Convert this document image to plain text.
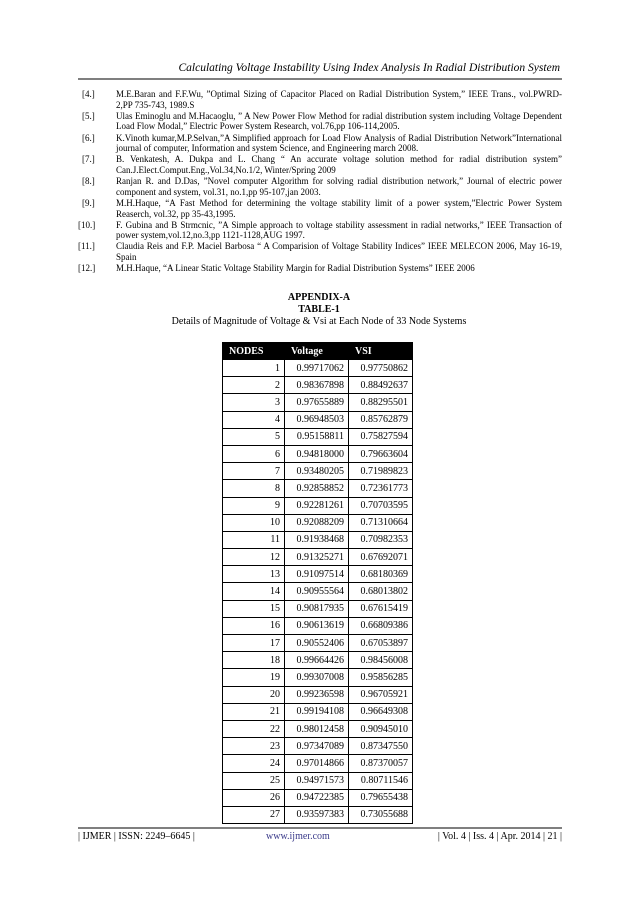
Calculating Voltage Instability Using Index Analysis In Radial Distribution System
[4.] M.E.Baran and F.F.Wu, ”Optimal Sizing of Capacitor Placed on Radial Distribution System,” IEEE Trans., vol.PWRD-2,PP 735-743, 1989.S
[5.] Ulas Eminoglu and M.Hacaoglu, ” A New Power Flow Method for radial distribution system including Voltage Dependent Load Flow Modal,” Electric Power System Research, vol.76,pp 106-114,2005.
[6.] K.Vinoth kumar,M.P.Selvan,”A Simplified approach for Load Flow Analysis of Radial Distribution Network”International journal of computer, Information and system Science, and Engineering march 2008.
[7.] B. Venkatesh, A. Dukpa and L. Chang “ An accurate voltage solution method for radial distribution system” Can.J.Elect.Comput.Eng.,Vol.34,No.1/2, Winter/Spring 2009
[8.] Ranjan R. and D.Das, ”Novel computer Algorithm for solving radial distribution network,” Journal of electric power component and system, vol.31, no.1,pp 95-107,jan 2003.
[9.] M.H.Haque, “A Fast Method for determining the voltage stability limit of a power system,”Electric Power System Reaserch, vol.32, pp 35-43,1995.
[10.] F. Gubina and B Strmcnic, ”A Simple approach to voltage stability assessment in radial networks,” IEEE Transaction of power system,vol.12,no.3,pp 1121-1128,AUG 1997.
[11.] Claudia Reis and F.P. Maciel Barbosa “ A Comparision of Voltage Stability Indices” IEEE MELECON 2006, May 16-19, Spain
[12.] M.H.Haque, “A Linear Static Voltage Stability Margin for Radial Distribution Systems” IEEE 2006
APPENDIX-A
TABLE-1
Details of Magnitude of Voltage & Vsi at Each Node of 33 Node Systems
NODES	Voltage	VSI
1	0.99717062	0.97750862
2	0.98367898	0.88492637
3	0.97655889	0.88295501
4	0.96948503	0.85762879
5	0.95158811	0.75827594
6	0.94818000	0.79663604
7	0.93480205	0.71989823
8	0.92858852	0.72361773
9	0.92281261	0.70703595
10	0.92088209	0.71310664
11	0.91938468	0.70982353
12	0.91325271	0.67692071
13	0.91097514	0.68180369
14	0.90955564	0.68013802
15	0.90817935	0.67615419
16	0.90613619	0.66809386
17	0.90552406	0.67053897
18	0.99664426	0.98456008
19	0.99307008	0.95856285
20	0.99236598	0.96705921
21	0.99194108	0.96649308
22	0.98012458	0.90945010
23	0.97347089	0.87347550
24	0.97014866	0.87370057
25	0.94971573	0.80711546
26	0.94722385	0.79655438
27	0.93597383	0.73055688
| IJMER | ISSN: 2249–6645 |	www.ijmer.com	| Vol. 4 | Iss. 4 | Apr. 2014 | 21 |
